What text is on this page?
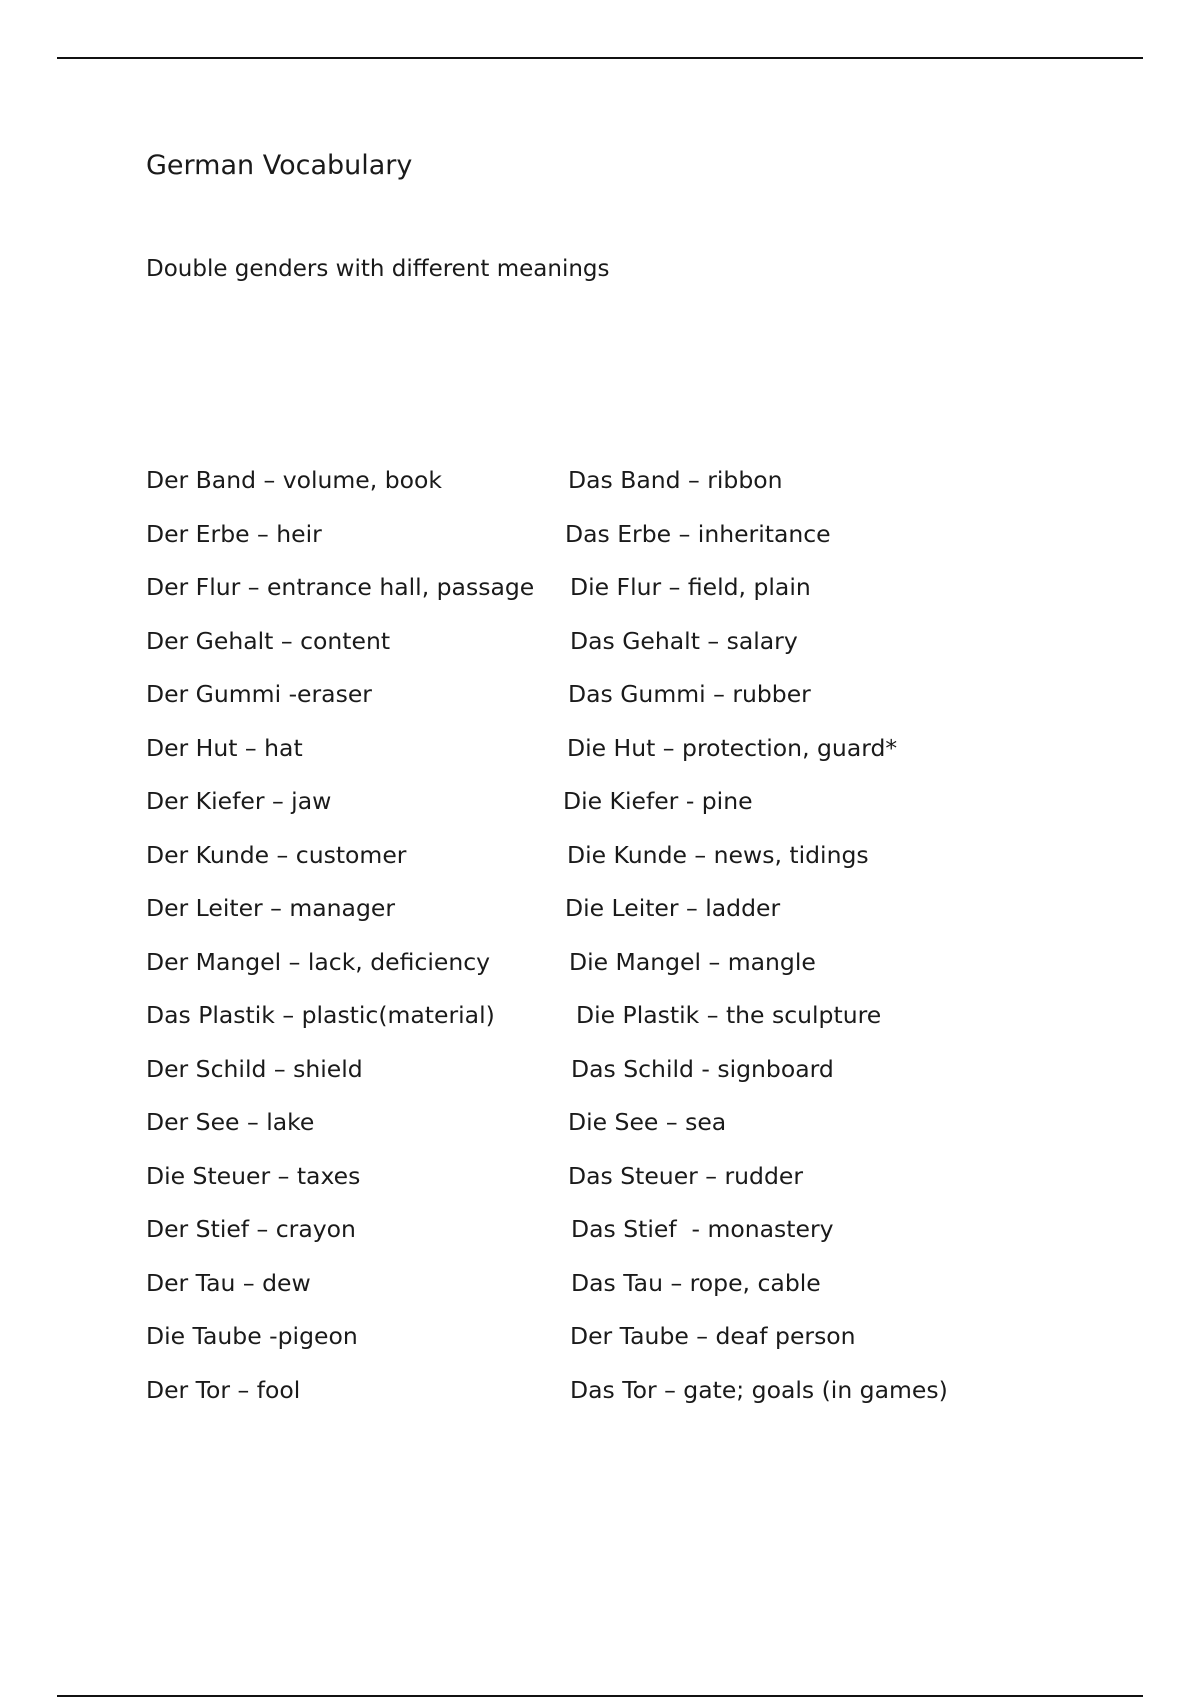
German Vocabulary
Double genders with different meanings
Der Band – volume, book	Das Band – ribbon
Der Erbe – heir	Das Erbe – inheritance
Der Flur – entrance hall, passage Die Flur – field, plain
Der Gehalt – content	Das Gehalt – salary
Der Gummi -eraser	Das Gummi – rubber
Der Hut – hat	Die Hut – protection, guard*
Der Kiefer – jaw	Die Kiefer - pine
Der Kunde – customer	Die Kunde – news, tidings
Der Leiter – manager	Die Leiter – ladder
Der Mangel – lack, deficiency	Die Mangel – mangle
Das Plastik – plastic(material)	Die Plastik – the sculpture
Der Schild – shield	Das Schild - signboard
Der See – lake	Die See – sea
Die Steuer – taxes	Das Steuer – rudder
Der Stief – crayon	Das Stief  - monastery
Der Tau – dew	Das Tau – rope, cable
Die Taube -pigeon	Der Taube – deaf person
Der Tor – fool	Das Tor – gate; goals (in games)
